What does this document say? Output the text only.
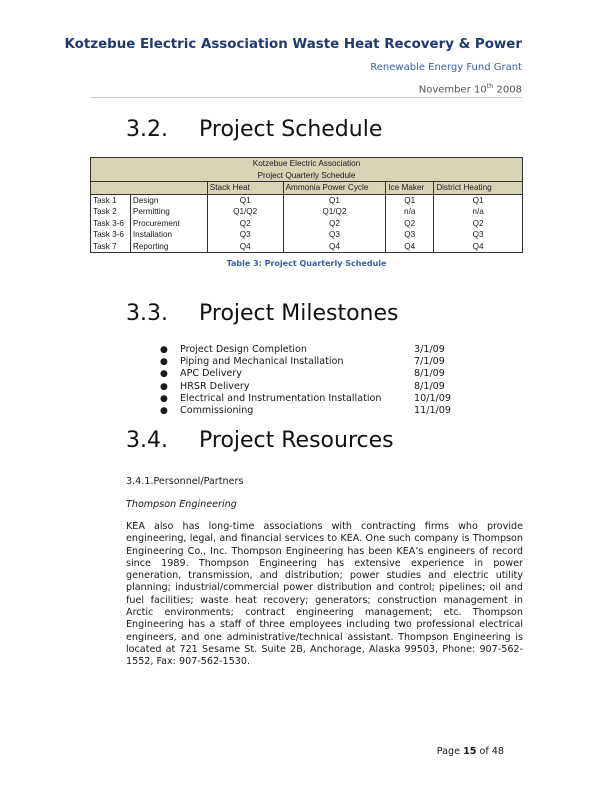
Kotzebue Electric Association Waste Heat Recovery & Power
Renewable Energy Fund Grant
November 10th 2008
3.2. Project Schedule
Kotzebue Electric Association					
Project Quarterly Schedule					
		Stack Heat	Ammonia Power Cycle	Ice Maker	District Heating
Task 1	Design	Q1	Q1	Q1	Q1
Task 2	Permitting	Q1/Q2	Q1/Q2	n/a	n/a
Task 3-6	Procurement	Q2	Q2	Q2	Q2
Task 3-6	Installation	Q3	Q3	Q3	Q3
Task 7	Reporting	Q4	Q4	Q4	Q4
Table 3: Project Quarterly Schedule
3.3. Project Milestones
● Project Design Completion	3/1/09
● Piping and Mechanical Installation	7/1/09
● APC Delivery	8/1/09
● HRSR Delivery	8/1/09
● Electrical and Instrumentation Installation	10/1/09
● Commissioning	11/1/09
3.4. Project Resources
3.4.1.Personnel/Partners
Thompson Engineering

KEA also has long-time associations with contracting firms who provide engineering, legal, and financial services to KEA. One such company is Thompson Engineering Co., Inc. Thompson Engineering has been KEA’s engineers of record since 1989. Thompson Engineering has extensive experience in power generation, transmission, and distribution; power studies and electric utility planning; industrial/commercial power distribution and control; pipelines; oil and fuel facilities; waste heat recovery; generators; construction management in Arctic environments; contract engineering management; etc. Thompson Engineering has a staff of three employees including two professional electrical engineers, and one administrative/technical assistant. Thompson Engineering is located at 721 Sesame St. Suite 2B, Anchorage, Alaska 99503, Phone: 907-562-1552, Fax: 907-562-1530.

Page 15 of 48
